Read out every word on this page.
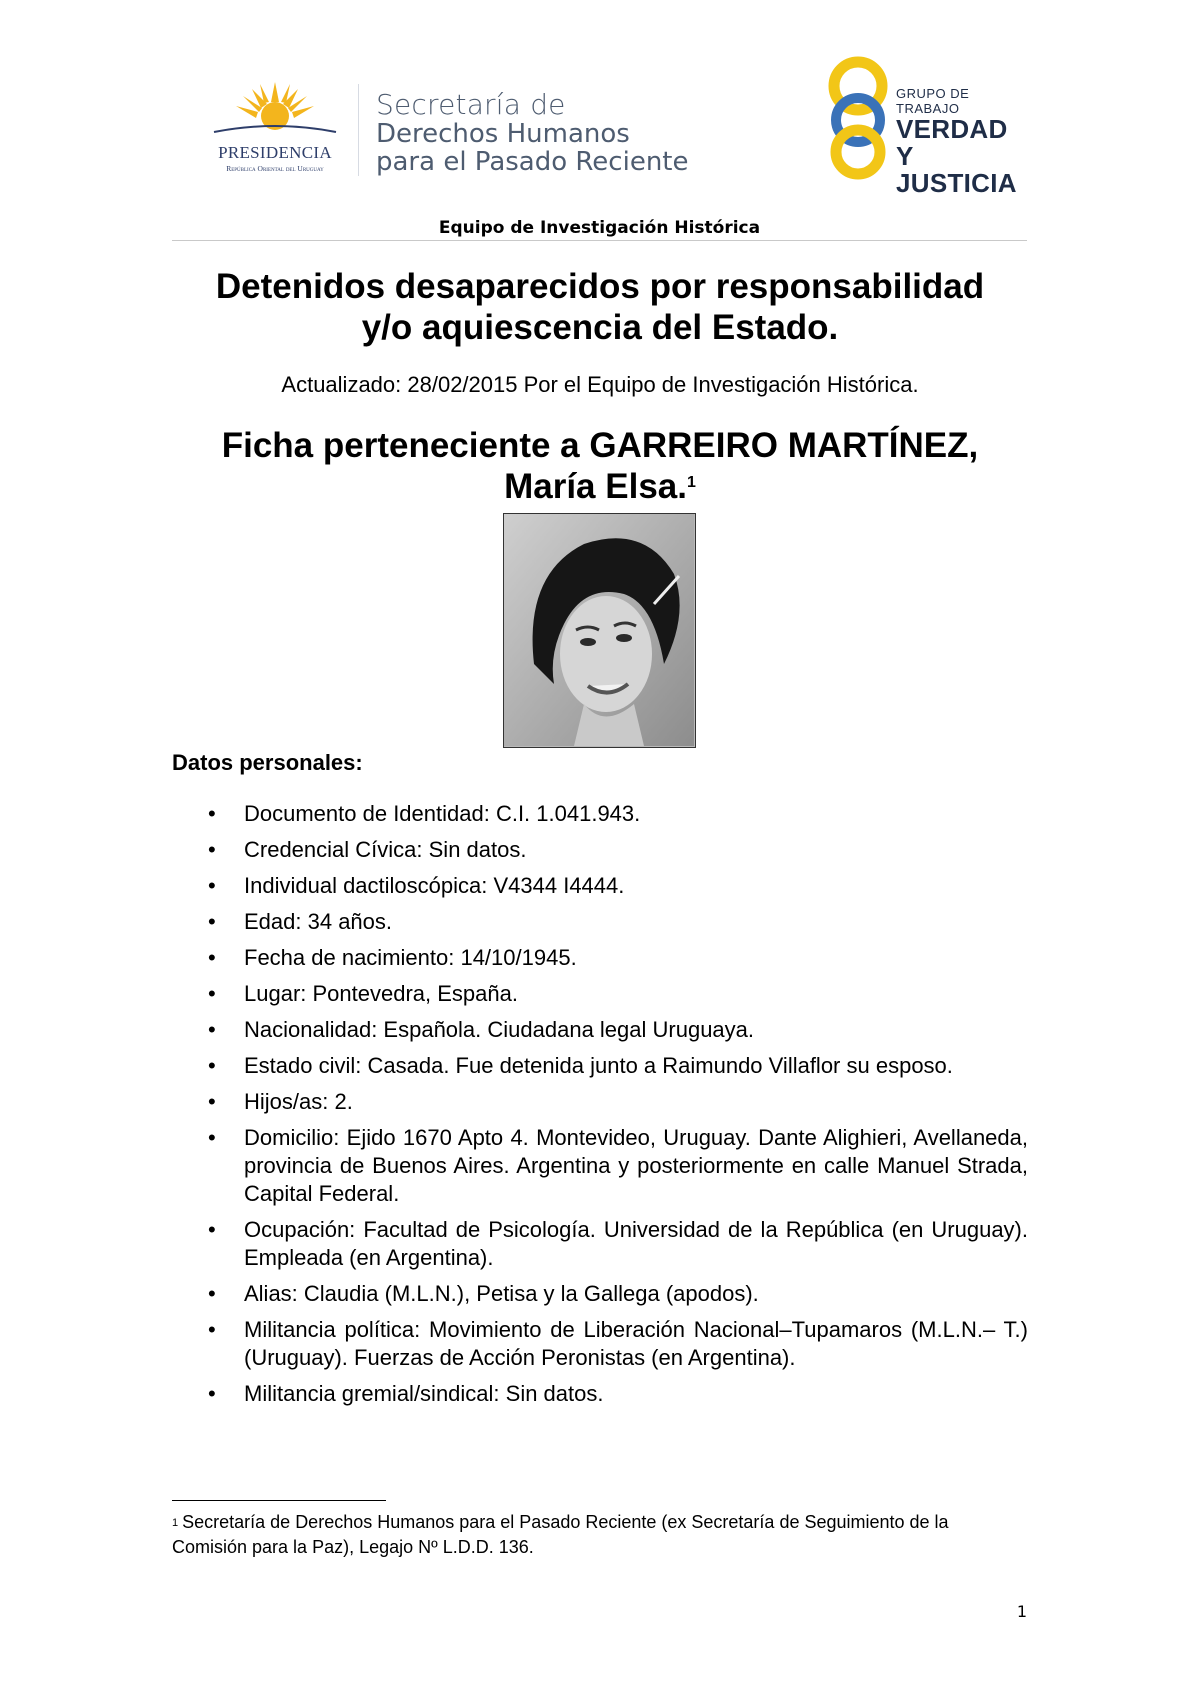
PRESIDENCIA
República Oriental del Uruguay
Secretaría de
Derechos Humanos
para el Pasado Reciente
GRUPO DE TRABAJO
VERDAD Y
JUSTICIA
Equipo de Investigación Histórica
Detenidos desaparecidos por responsabilidad
y/o aquiescencia del Estado.
Actualizado: 28/02/2015 Por el Equipo de Investigación Histórica.
Ficha perteneciente a GARREIRO MARTÍNEZ,
María Elsa.$^1$
Datos personales:
• Documento de Identidad: C.I. 1.041.943.
• Credencial Cívica: Sin datos.
• Individual dactiloscópica: V4344 I4444.
• Edad: 34 años.
• Fecha de nacimiento: 14/10/1945.
• Lugar: Pontevedra, España.
• Nacionalidad: Española. Ciudadana legal Uruguaya.
• Estado civil: Casada. Fue detenida junto a Raimundo Villaflor su esposo.
• Hijos/as: 2.
• Domicilio: Ejido 1670 Apto 4. Montevideo, Uruguay. Dante Alighieri, Avellaneda, provincia de Buenos Aires. Argentina y posteriormente en calle Manuel Strada, Capital Federal.
• Ocupación: Facultad de Psicología. Universidad de la República (en Uruguay). Empleada (en Argentina).
• Alias: Claudia (M.L.N.), Petisa y la Gallega (apodos).
• Militancia política: Movimiento de Liberación Nacional–Tupamaros (M.L.N.– T.) (Uruguay). Fuerzas de Acción Peronistas (en Argentina).
• Militancia gremial/sindical: Sin datos.
$^1$ Secretaría de Derechos Humanos para el Pasado Reciente (ex Secretaría de Seguimiento de la Comisión para la Paz), Legajo Nº L.D.D. 136.
1
